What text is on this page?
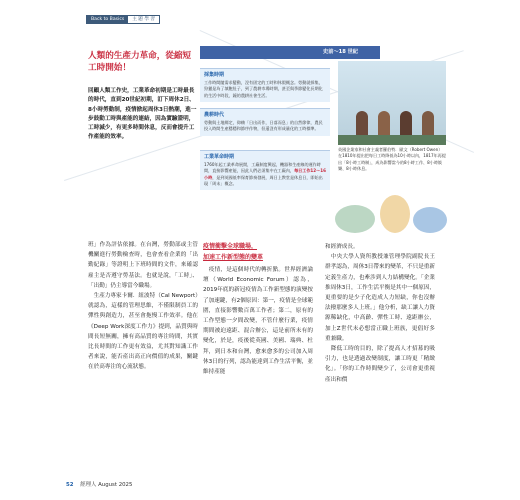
Back to Basics	主 題 學 習
人類的生產力革命，從縮短工時開始！
回顧人類工作史，工業革命初期是工時最長的時代，直到20世紀初期，訂下周休2日、8小時勞動制，疫情掀起周休3日熱潮，進一步鼓動工時與產能的連結，因為實驗證明，工時減少，有更多時間休息，反而會提升工作產能的效率。
史前～18 世紀
採集時期

工作時間隨需求變動，沒有固定的工時和休假概念。勞動就採集，狩獵是為了填飽肚子，到了農耕市場時期，甚至與季節變化長期化的生活中時段，鐘的農耕社會生活。

農耕時代

勞動與土地綁定，仰賴「日出而作，日落而息」的自然節律，農民投入時間生產穩穩和節序作物，但還沒有形成量化的工時標準。

工業革命時期

1760年起工業革命展開，工廠制度興起，機器和生產線的運作時間，直接影響產能，因此人們必須集中在工廠內，每日工作12～16小時，是到英國低率保育節奏發展，周日上教堂是休息日，即始出現「周末」概念。

英國企業家和社會主義者羅伯特．歐文（Robert Owen）在1810年提出把每日工時降低為10小時以內，1817年再提出「8小時工時制」，成為影響當今的8小時工作、8小時娛樂、8小時休息。
班」作為評估依據。在台灣，勞動部或主管機關進行勞動檢查時，也會查看企業的「出勤紀錄」等證明上下班時間的文件，來確認雇主是否遵守勞基法。也就是說，「工時」、「出勤」仍主導當今職場。
　生產力專家卡爾．紐波特（Cal Newport）就認為，這樣的管理思維，不僅限制員工的彈性與創造力，甚至會拖慢工作效率。他在《Deep Work深度工作力》提到，品質與時間長短無關，擁有高品質的專注時間，其實比長時間的工作更有效益，尤其對知識工作者來說，能否產出高正向價值的成果，關鍵在於高專注的心流狀態。
疫情衝擊全球職場，
加速工作新型態的變革
　疫情，是這個時代的轉折點。世界經濟論壇（World Economic Forum）認為，2019年底的新冠疫情為工作新型態的演變按了加速鍵，有2個原因：第一，疫情是全球範圍，直接影響數百萬工作者；第二，原有的工作型態一夕間改變，不管什麼行業，疫情期間被迫遠距、混合辦公，這是前所未有的變化，於是，疫後從英國、美國、瑞典、杜拜，到日本和台灣，愈來愈多的公司加入周休3日的行列，認為能達到工作生活平衡，並維持產能
和經濟成長。
　中央大學人資所教授兼管理學院副院長王群孝認為，周休3日帶來的變革，不只是重新定義生產力，也牽涉到人力結構變化。「企業推周休3日，工作生活平衡是其中一個原因，更重要的是少子化造成人力短缺，你也沒辦法撥那麼多人上班。」他分析，缺工讓人力資源稀缺化，中高齡、彈性工時、遠距辦公，加上Z世代未必想當正職上班族，更倡好多重兼職。
　降低工時的目的，除了提高人才招募的吸引力，也是透過改變制度，讓工時更「精緻化」。「你的工作時間變少了，公司會更重視產出和價
52 經理人 August 2025
